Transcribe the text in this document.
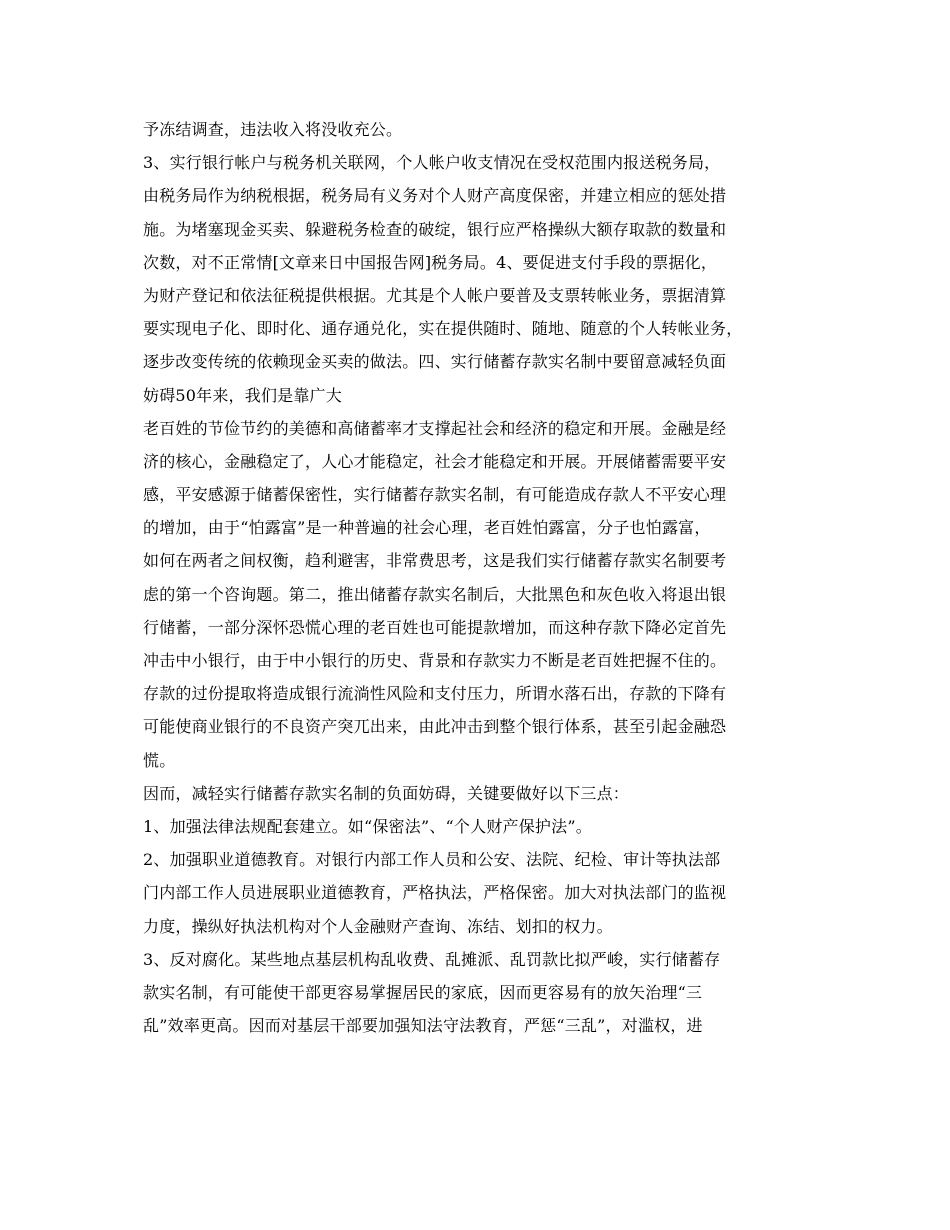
予冻结调查，违法收入将没收充公。
3、实行银行帐户与税务机关联网，个人帐户收支情况在受权范围内报送税务局，
由税务局作为纳税根据，税务局有义务对个人财产高度保密，并建立相应的惩处措
施。为堵塞现金买卖、躲避税务检查的破绽，银行应严格操纵大额存取款的数量和
次数，对不正常情[文章来日中国报告网]税务局。4、要促进支付手段的票据化，
为财产登记和依法征税提供根据。尤其是个人帐户要普及支票转帐业务，票据清算
要实现电子化、即时化、通存通兑化，实在提供随时、随地、随意的个人转帐业务，
逐步改变传统的依赖现金买卖的做法。四、实行储蓄存款实名制中要留意减轻负面
妨碍50年来，我们是靠广大
老百姓的节俭节约的美德和高储蓄率才支撑起社会和经济的稳定和开展。金融是经
济的核心，金融稳定了，人心才能稳定，社会才能稳定和开展。开展储蓄需要平安
感，平安感源于储蓄保密性，实行储蓄存款实名制，有可能造成存款人不平安心理
的增加，由于“怕露富”是一种普遍的社会心理，老百姓怕露富，分子也怕露富，
如何在两者之间权衡，趋利避害，非常费思考，这是我们实行储蓄存款实名制要考
虑的第一个咨询题。第二，推出储蓄存款实名制后，大批黑色和灰色收入将退出银
行储蓄，一部分深怀恐慌心理的老百姓也可能提款增加，而这种存款下降必定首先
冲击中小银行，由于中小银行的历史、背景和存款实力不断是老百姓把握不住的。
存款的过份提取将造成银行流淌性风险和支付压力，所谓水落石出，存款的下降有
可能使商业银行的不良资产突兀出来，由此冲击到整个银行体系，甚至引起金融恐
慌。
因而，减轻实行储蓄存款实名制的负面妨碍，关键要做好以下三点：
1、加强法律法规配套建立。如“保密法”、“个人财产保护法”。
2、加强职业道德教育。对银行内部工作人员和公安、法院、纪检、审计等执法部
门内部工作人员进展职业道德教育，严格执法，严格保密。加大对执法部门的监视
力度，操纵好执法机构对个人金融财产查询、冻结、划扣的权力。
3、反对腐化。某些地点基层机构乱收费、乱摊派、乱罚款比拟严峻，实行储蓄存
款实名制，有可能使干部更容易掌握居民的家底，因而更容易有的放矢治理“三
乱”效率更高。因而对基层干部要加强知法守法教育，严惩“三乱”，对滥权，进
